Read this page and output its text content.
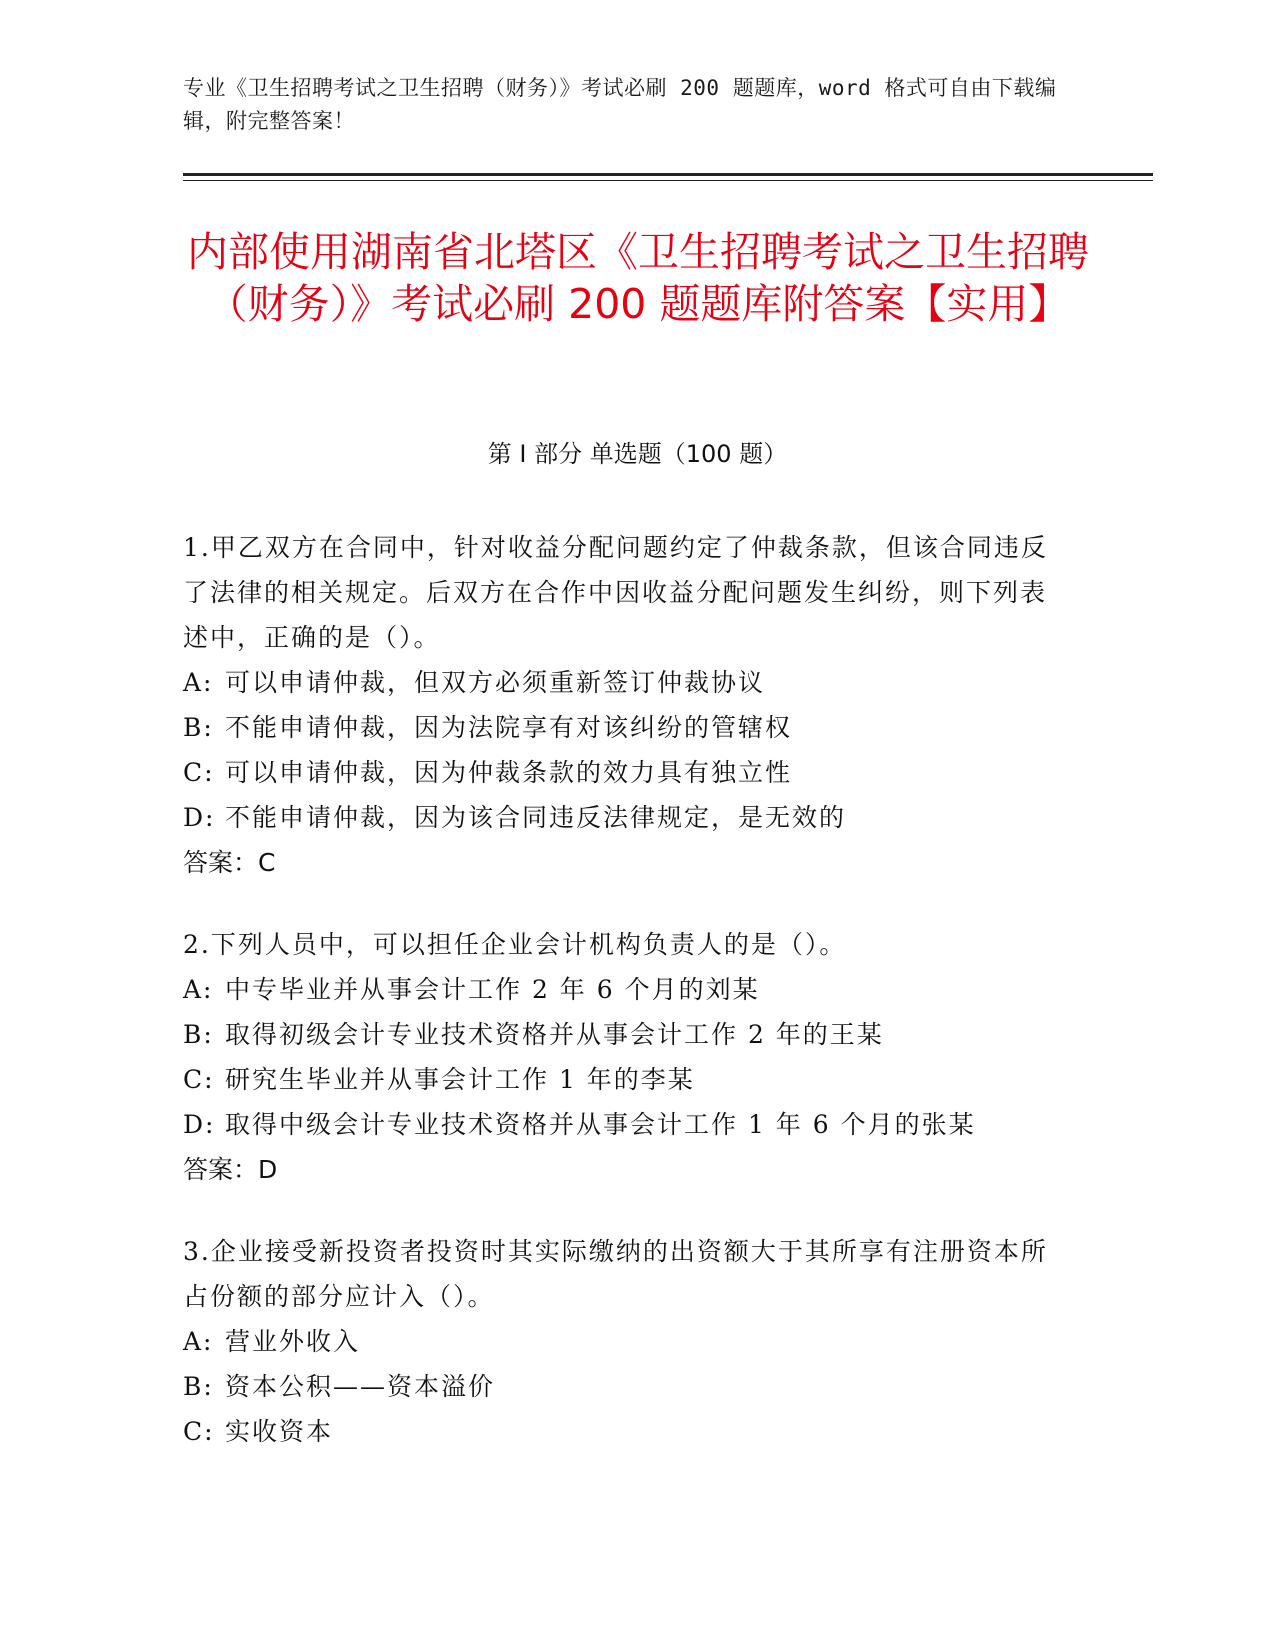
专业《卫生招聘考试之卫生招聘（财务）》考试必刷 200 题题库，word 格式可自由下载编辑，附完整答案！
内部使用湖南省北塔区《卫生招聘考试之卫生招聘（财务）》考试必刷 200 题题库附答案【实用】
第 I 部分 单选题（100 题）

1.甲乙双方在合同中，针对收益分配问题约定了仲裁条款，但该合同违反了法律的相关规定。后双方在合作中因收益分配问题发生纠纷，则下列表述中，正确的是（）。

A: 可以申请仲裁，但双方必须重新签订仲裁协议

B: 不能申请仲裁，因为法院享有对该纠纷的管辖权

C: 可以申请仲裁，因为仲裁条款的效力具有独立性

D: 不能申请仲裁，因为该合同违反法律规定，是无效的

答案：C

2.下列人员中，可以担任企业会计机构负责人的是（）。

A: 中专毕业并从事会计工作 2 年 6 个月的刘某

B: 取得初级会计专业技术资格并从事会计工作 2 年的王某

C: 研究生毕业并从事会计工作 1 年的李某

D: 取得中级会计专业技术资格并从事会计工作 1 年 6 个月的张某

答案：D

3.企业接受新投资者投资时其实际缴纳的出资额大于其所享有注册资本所占份额的部分应计入（）。

A: 营业外收入

B: 资本公积——资本溢价

C: 实收资本
